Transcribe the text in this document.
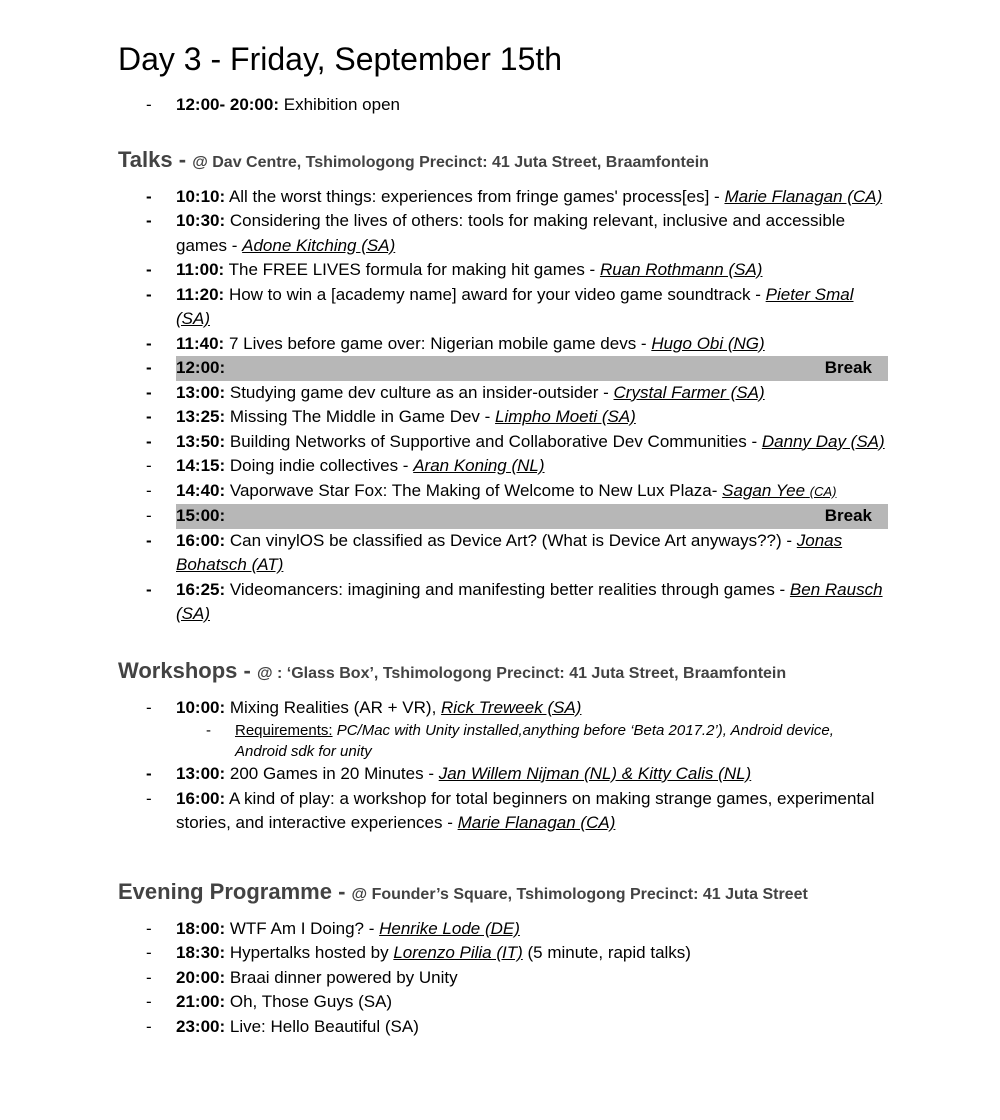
Day 3 - Friday, September 15th
- 12:00- 20:00: Exhibition open
Talks - @ Dav Centre, Tshimologong Precinct: 41 Juta Street, Braamfontein
- 10:10: All the worst things: experiences from fringe games' process[es] - Marie Flanagan (CA)
- 10:30: Considering the lives of others: tools for making relevant, inclusive and accessible games - Adone Kitching (SA)
- 11:00: The FREE LIVES formula for making hit games - Ruan Rothmann (SA)
- 11:20: How to win a [academy name] award for your video game soundtrack - Pieter Smal (SA)
- 11:40: 7 Lives before game over: Nigerian mobile game devs - Hugo Obi (NG)
- 12:00:	Break
- 13:00: Studying game dev culture as an insider-outsider - Crystal Farmer (SA)
- 13:25: Missing The Middle in Game Dev - Limpho Moeti (SA)
- 13:50: Building Networks of Supportive and Collaborative Dev Communities - Danny Day (SA)
- 14:15: Doing indie collectives - Aran Koning (NL)
- 14:40: Vaporwave Star Fox: The Making of Welcome to New Lux Plaza- Sagan Yee (CA)
- 15:00:	Break
- 16:00: Can vinylOS be classified as Device Art? (What is Device Art anyways??) - Jonas Bohatsch (AT)
- 16:25: Videomancers: imagining and manifesting better realities through games - Ben Rausch (SA)
Workshops - @ : ‘Glass Box’, Tshimologong Precinct: 41 Juta Street, Braamfontein
- 10:00: Mixing Realities (AR + VR), Rick Treweek (SA)
- Requirements: PC/Mac with Unity installed,anything before ‘Beta 2017.2’), Android device, Android sdk for unity
- 13:00: 200 Games in 20 Minutes - Jan Willem Nijman (NL) & Kitty Calis (NL)
- 16:00: A kind of play: a workshop for total beginners on making strange games, experimental stories, and interactive experiences - Marie Flanagan (CA)
Evening Programme - @ Founder’s Square, Tshimologong Precinct: 41 Juta Street
- 18:00: WTF Am I Doing? - Henrike Lode (DE)
- 18:30: Hypertalks hosted by Lorenzo Pilia (IT) (5 minute, rapid talks)
- 20:00: Braai dinner powered by Unity
- 21:00: Oh, Those Guys (SA)
- 23:00: Live: Hello Beautiful (SA)
